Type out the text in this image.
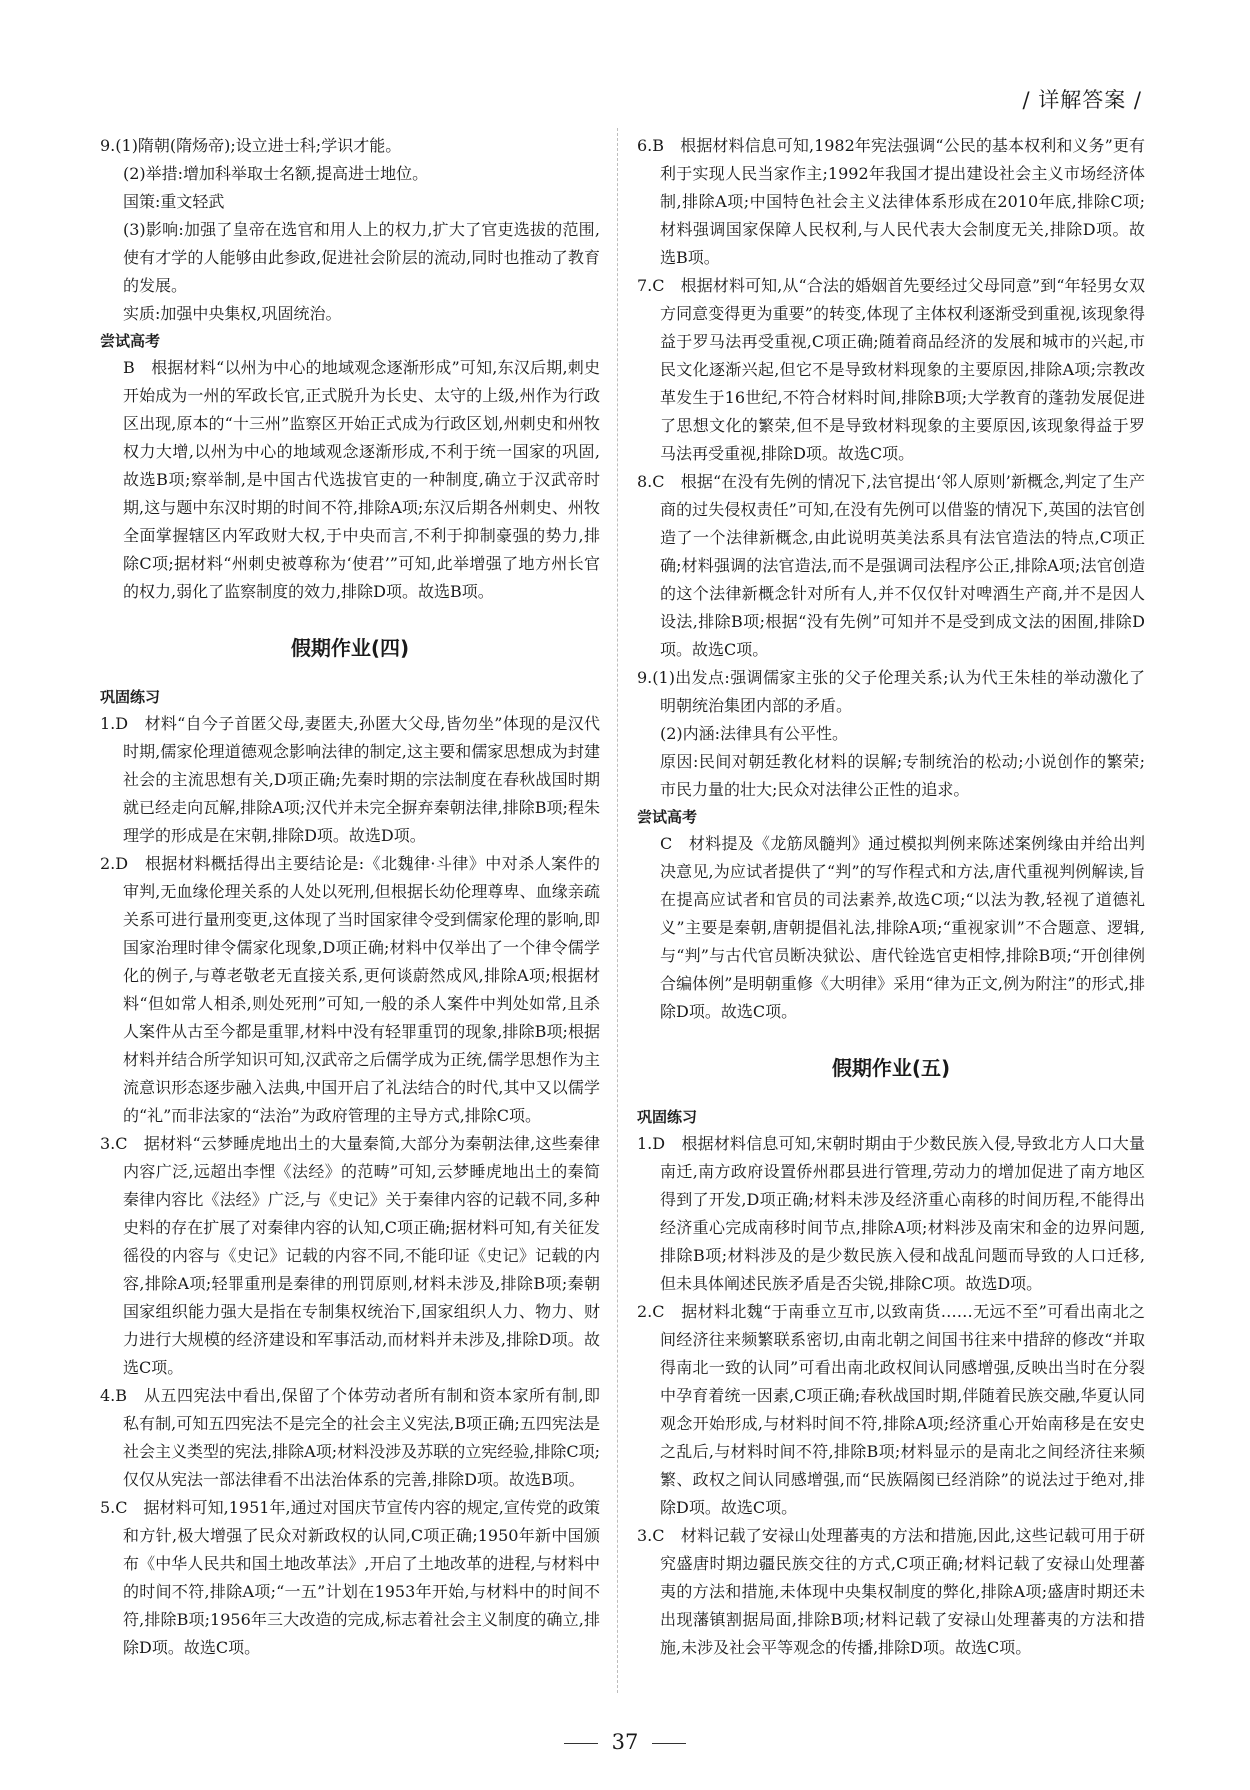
/ 详解答案 /

9.(1)隋朝(隋炀帝);设立进士科;学识才能。

(2)举措:增加科举取士名额,提高进士地位。

国策:重文轻武

(3)影响:加强了皇帝在选官和用人上的权力,扩大了官吏选拔的范围,使有才学的人能够由此参政,促进社会阶层的流动,同时也推动了教育的发展。

实质:加强中央集权,巩固统治。

尝试高考

B　根据材料“以州为中心的地域观念逐渐形成”可知,东汉后期,刺史开始成为一州的军政长官,正式脱升为长史、太守的上级,州作为行政区出现,原本的“十三州”监察区开始正式成为行政区划,州刺史和州牧权力大增,以州为中心的地域观念逐渐形成,不利于统一国家的巩固,故选B项;察举制,是中国古代选拔官吏的一种制度,确立于汉武帝时期,这与题中东汉时期的时间不符,排除A项;东汉后期各州刺史、州牧全面掌握辖区内军政财大权,于中央而言,不利于抑制豪强的势力,排除C项;据材料“州刺史被尊称为‘使君’”可知,此举增强了地方州长官的权力,弱化了监察制度的效力,排除D项。故选B项。

假期作业(四)

巩固练习

1.D　材料“自今子首匿父母,妻匿夫,孙匿大父母,皆勿坐”体现的是汉代时期,儒家伦理道德观念影响法律的制定,这主要和儒家思想成为封建社会的主流思想有关,D项正确;先秦时期的宗法制度在春秋战国时期就已经走向瓦解,排除A项;汉代并未完全摒弃秦朝法律,排除B项;程朱理学的形成是在宋朝,排除D项。故选D项。

2.D　根据材料概括得出主要结论是:《北魏律·斗律》中对杀人案件的审判,无血缘伦理关系的人处以死刑,但根据长幼伦理尊卑、血缘亲疏关系可进行量刑变更,这体现了当时国家律令受到儒家伦理的影响,即国家治理时律令儒家化现象,D项正确;材料中仅举出了一个律令儒学化的例子,与尊老敬老无直接关系,更何谈蔚然成风,排除A项;根据材料“但如常人相杀,则处死刑”可知,一般的杀人案件中判处如常,且杀人案件从古至今都是重罪,材料中没有轻罪重罚的现象,排除B项;根据材料并结合所学知识可知,汉武帝之后儒学成为正统,儒学思想作为主流意识形态逐步融入法典,中国开启了礼法结合的时代,其中又以儒学的“礼”而非法家的“法治”为政府管理的主导方式,排除C项。

3.C　据材料“云梦睡虎地出土的大量秦简,大部分为秦朝法律,这些秦律内容广泛,远超出李悝《法经》的范畴”可知,云梦睡虎地出土的秦简秦律内容比《法经》广泛,与《史记》关于秦律内容的记载不同,多种史料的存在扩展了对秦律内容的认知,C项正确;据材料可知,有关征发徭役的内容与《史记》记载的内容不同,不能印证《史记》记载的内容,排除A项;轻罪重刑是秦律的刑罚原则,材料未涉及,排除B项;秦朝国家组织能力强大是指在专制集权统治下,国家组织人力、物力、财力进行大规模的经济建设和军事活动,而材料并未涉及,排除D项。故选C项。

4.B　从五四宪法中看出,保留了个体劳动者所有制和资本家所有制,即私有制,可知五四宪法不是完全的社会主义宪法,B项正确;五四宪法是社会主义类型的宪法,排除A项;材料没涉及苏联的立宪经验,排除C项;仅仅从宪法一部法律看不出法治体系的完善,排除D项。故选B项。

5.C　据材料可知,1951年,通过对国庆节宣传内容的规定,宣传党的政策和方针,极大增强了民众对新政权的认同,C项正确;1950年新中国颁布《中华人民共和国土地改革法》,开启了土地改革的进程,与材料中的时间不符,排除A项;“一五”计划在1953年开始,与材料中的时间不符,排除B项;1956年三大改造的完成,标志着社会主义制度的确立,排除D项。故选C项。

6.B　根据材料信息可知,1982年宪法强调“公民的基本权利和义务”更有利于实现人民当家作主;1992年我国才提出建设社会主义市场经济体制,排除A项;中国特色社会主义法律体系形成在2010年底,排除C项;材料强调国家保障人民权利,与人民代表大会制度无关,排除D项。故选B项。

7.C　根据材料可知,从“合法的婚姻首先要经过父母同意”到“年轻男女双方同意变得更为重要”的转变,体现了主体权利逐渐受到重视,该现象得益于罗马法再受重视,C项正确;随着商品经济的发展和城市的兴起,市民文化逐渐兴起,但它不是导致材料现象的主要原因,排除A项;宗教改革发生于16世纪,不符合材料时间,排除B项;大学教育的蓬勃发展促进了思想文化的繁荣,但不是导致材料现象的主要原因,该现象得益于罗马法再受重视,排除D项。故选C项。

8.C　根据“在没有先例的情况下,法官提出‘邻人原则’新概念,判定了生产商的过失侵权责任”可知,在没有先例可以借鉴的情况下,英国的法官创造了一个法律新概念,由此说明英美法系具有法官造法的特点,C项正确;材料强调的法官造法,而不是强调司法程序公正,排除A项;法官创造的这个法律新概念针对所有人,并不仅仅针对啤酒生产商,并不是因人设法,排除B项;根据“没有先例”可知并不是受到成文法的困囿,排除D项。故选C项。

9.(1)出发点:强调儒家主张的父子伦理关系;认为代王朱桂的举动激化了明朝统治集团内部的矛盾。

(2)内涵:法律具有公平性。

原因:民间对朝廷教化材料的误解;专制统治的松动;小说创作的繁荣;市民力量的壮大;民众对法律公正性的追求。

尝试高考

C　材料提及《龙筋凤髓判》通过模拟判例来陈述案例缘由并给出判决意见,为应试者提供了“判”的写作程式和方法,唐代重视判例解读,旨在提高应试者和官员的司法素养,故选C项;“以法为教,轻视了道德礼义”主要是秦朝,唐朝提倡礼法,排除A项;“重视家训”不合题意、逻辑,与“判”与古代官员断决狱讼、唐代铨选官吏相悖,排除B项;“开创律例合编体例”是明朝重修《大明律》采用“律为正文,例为附注”的形式,排除D项。故选C项。

假期作业(五)

巩固练习

1.D　根据材料信息可知,宋朝时期由于少数民族入侵,导致北方人口大量南迁,南方政府设置侨州郡县进行管理,劳动力的增加促进了南方地区得到了开发,D项正确;材料未涉及经济重心南移的时间历程,不能得出经济重心完成南移时间节点,排除A项;材料涉及南宋和金的边界问题,排除B项;材料涉及的是少数民族入侵和战乱问题而导致的人口迁移,但未具体阐述民族矛盾是否尖锐,排除C项。故选D项。

2.C　据材料北魏“于南垂立互市,以致南货……无远不至”可看出南北之间经济往来频繁联系密切,由南北朝之间国书往来中措辞的修改“并取得南北一致的认同”可看出南北政权间认同感增强,反映出当时在分裂中孕育着统一因素,C项正确;春秋战国时期,伴随着民族交融,华夏认同观念开始形成,与材料时间不符,排除A项;经济重心开始南移是在安史之乱后,与材料时间不符,排除B项;材料显示的是南北之间经济往来频繁、政权之间认同感增强,而“民族隔阂已经消除”的说法过于绝对,排除D项。故选C项。

3.C　材料记载了安禄山处理蕃夷的方法和措施,因此,这些记载可用于研究盛唐时期边疆民族交往的方式,C项正确;材料记载了安禄山处理蕃夷的方法和措施,未体现中央集权制度的弊化,排除A项;盛唐时期还未出现藩镇割据局面,排除B项;材料记载了安禄山处理蕃夷的方法和措施,未涉及社会平等观念的传播,排除D项。故选C项。

37
